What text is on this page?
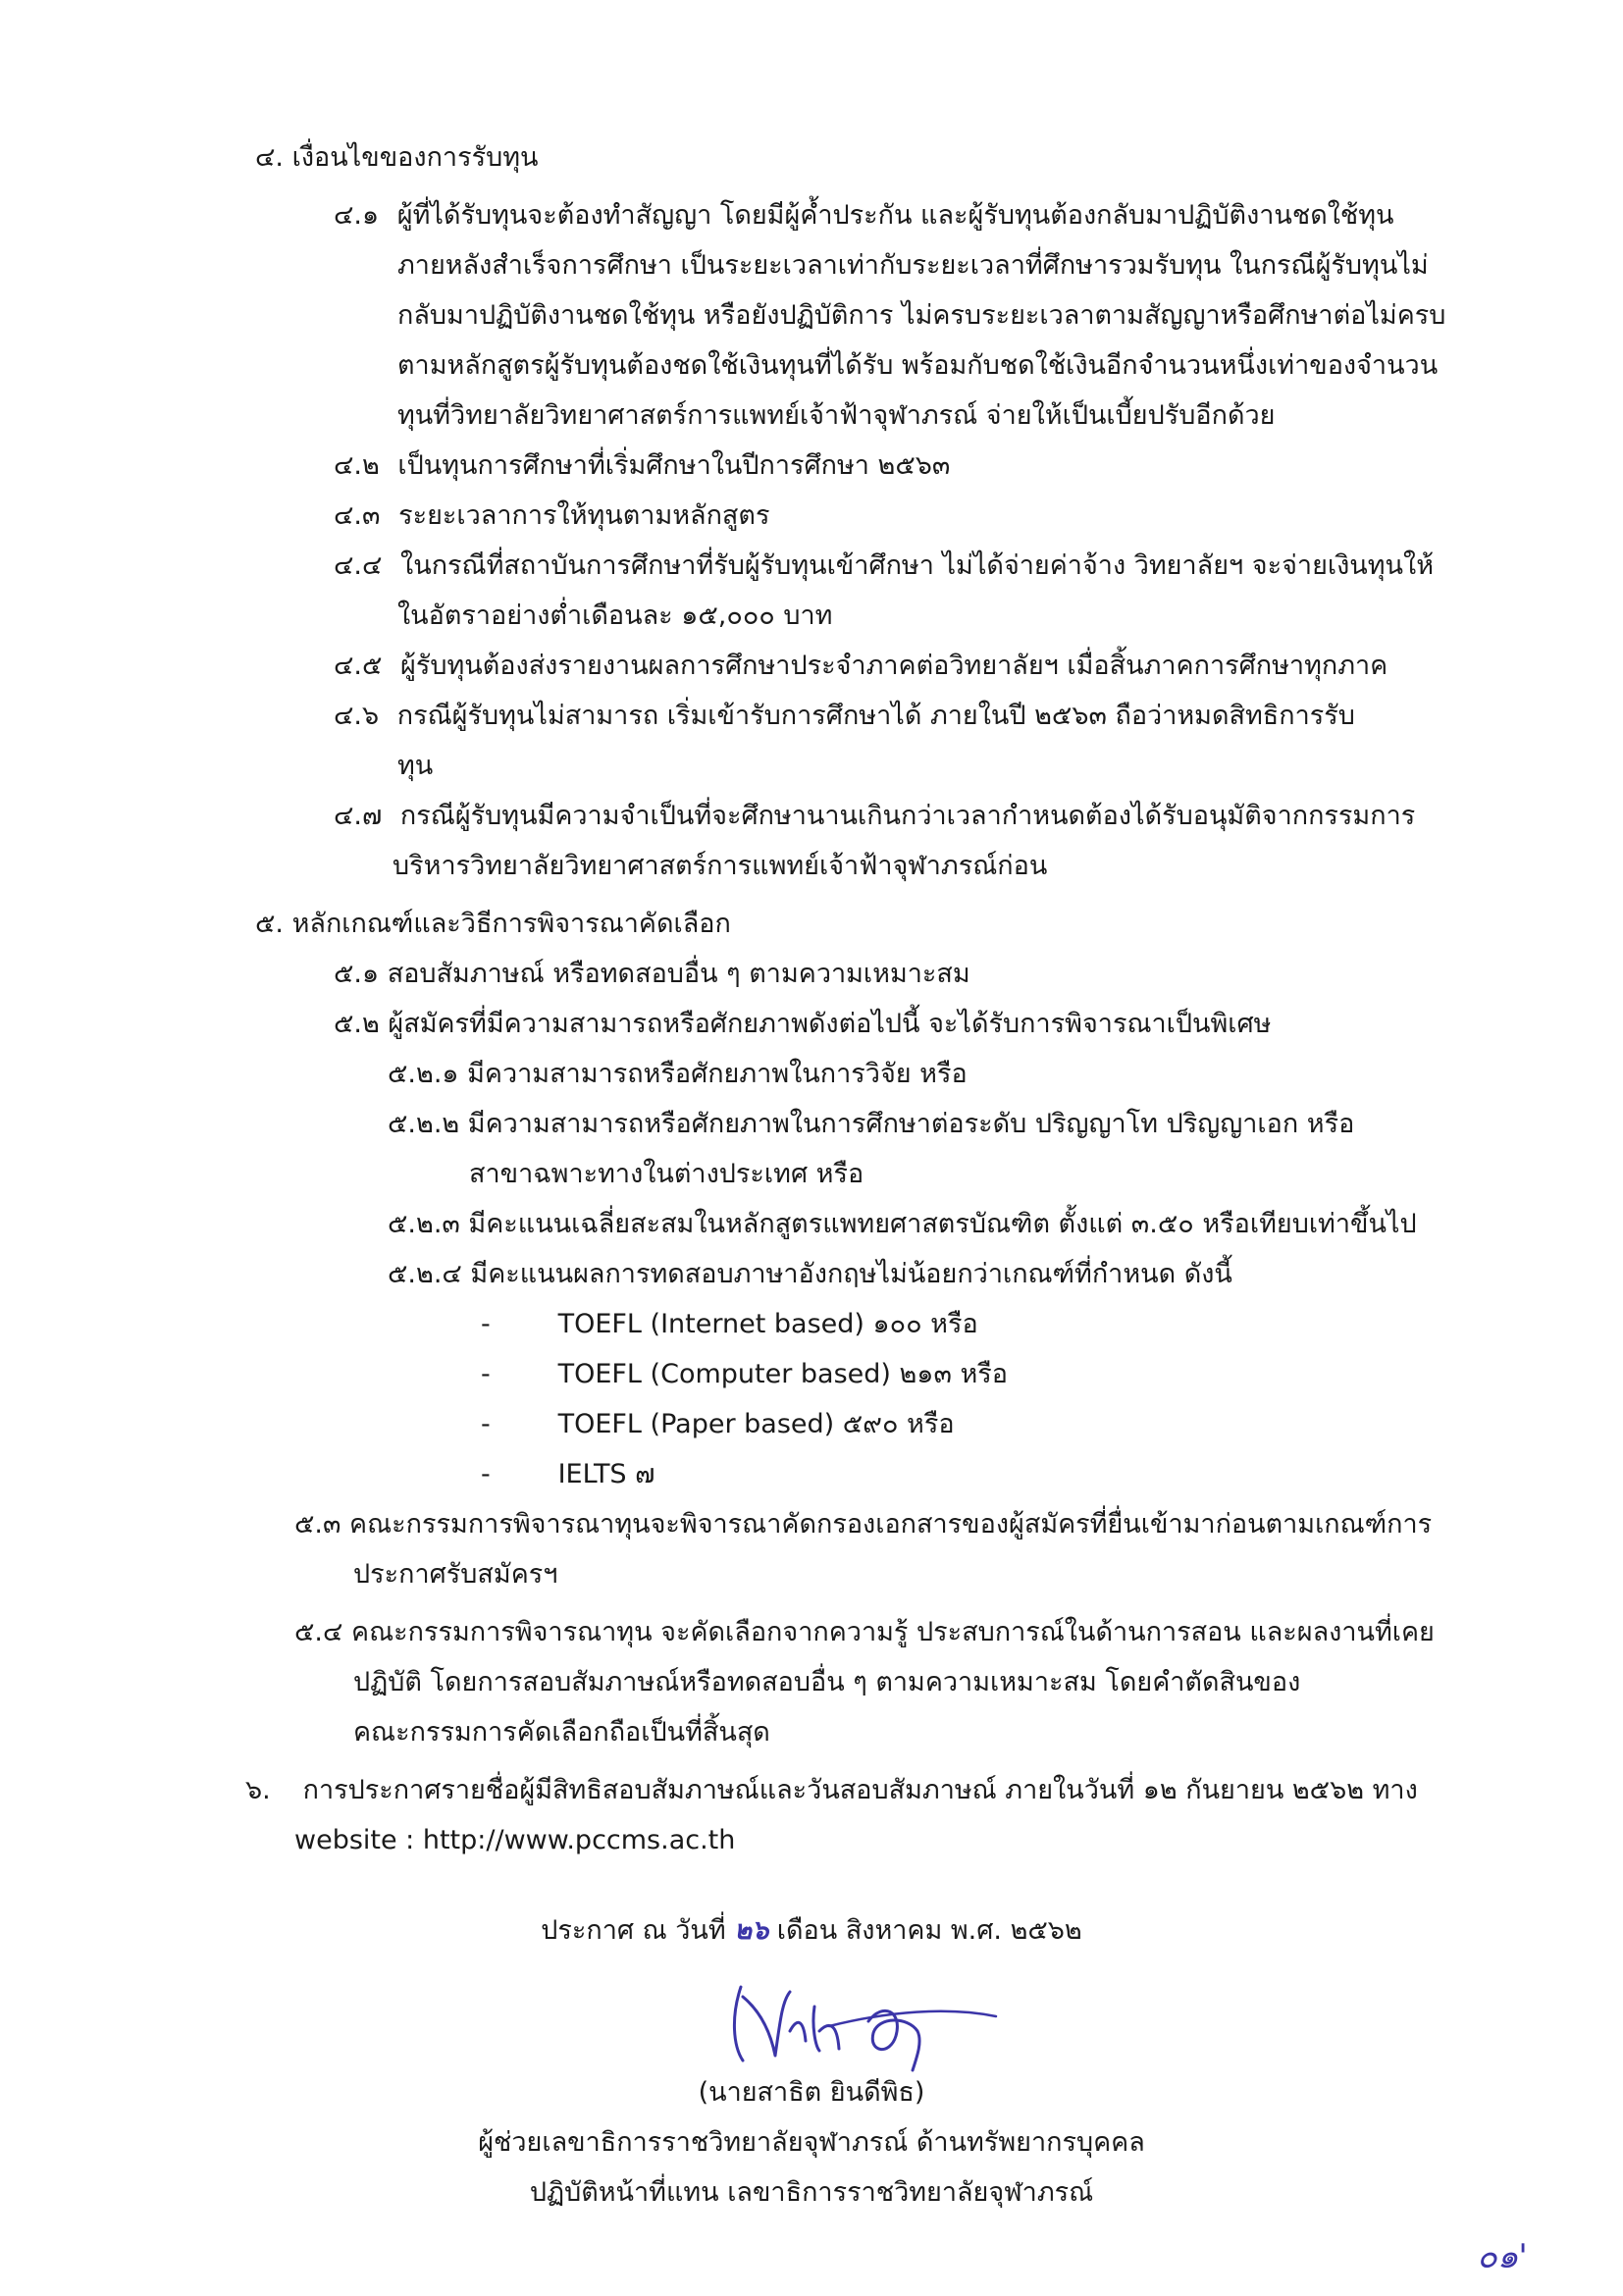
๔. เงื่อนไขของการรับทุน
๔.๑ ผู้ที่ได้รับทุนจะต้องทำสัญญา โดยมีผู้ค้ำประกัน และผู้รับทุนต้องกลับมาปฏิบัติงานชดใช้ทุน
ภายหลังสำเร็จการศึกษา เป็นระยะเวลาเท่ากับระยะเวลาที่ศึกษารวมรับทุน ในกรณีผู้รับทุนไม่
กลับมาปฏิบัติงานชดใช้ทุน หรือยังปฏิบัติการ ไม่ครบระยะเวลาตามสัญญาหรือศึกษาต่อไม่ครบ
ตามหลักสูตรผู้รับทุนต้องชดใช้เงินทุนที่ได้รับ พร้อมกับชดใช้เงินอีกจำนวนหนึ่งเท่าของจำนวน
ทุนที่วิทยาลัยวิทยาศาสตร์การแพทย์เจ้าฟ้าจุฬาภรณ์ จ่ายให้เป็นเบี้ยปรับอีกด้วย
๔.๒ เป็นทุนการศึกษาที่เริ่มศึกษาในปีการศึกษา ๒๕๖๓
๔.๓ ระยะเวลาการให้ทุนตามหลักสูตร
๔.๔ ในกรณีที่สถาบันการศึกษาที่รับผู้รับทุนเข้าศึกษา ไม่ได้จ่ายค่าจ้าง วิทยาลัยฯ จะจ่ายเงินทุนให้
ในอัตราอย่างต่ำเดือนละ ๑๕,๐๐๐ บาท
๔.๕ ผู้รับทุนต้องส่งรายงานผลการศึกษาประจำภาคต่อวิทยาลัยฯ เมื่อสิ้นภาคการศึกษาทุกภาค
๔.๖ กรณีผู้รับทุนไม่สามารถ เริ่มเข้ารับการศึกษาได้ ภายในปี ๒๕๖๓ ถือว่าหมดสิทธิการรับ
ทุน
๔.๗ กรณีผู้รับทุนมีความจำเป็นที่จะศึกษานานเกินกว่าเวลากำหนดต้องได้รับอนุมัติจากกรรมการ
บริหารวิทยาลัยวิทยาศาสตร์การแพทย์เจ้าฟ้าจุฬาภรณ์ก่อน
๕. หลักเกณฑ์และวิธีการพิจารณาคัดเลือก
๕.๑ สอบสัมภาษณ์ หรือทดสอบอื่น ๆ ตามความเหมาะสม
๕.๒ ผู้สมัครที่มีความสามารถหรือศักยภาพดังต่อไปนี้ จะได้รับการพิจารณาเป็นพิเศษ
๕.๒.๑ มีความสามารถหรือศักยภาพในการวิจัย หรือ
๕.๒.๒ มีความสามารถหรือศักยภาพในการศึกษาต่อระดับ ปริญญาโท ปริญญาเอก หรือ
สาขาฉพาะทางในต่างประเทศ หรือ
๕.๒.๓ มีคะแนนเฉลี่ยสะสมในหลักสูตรแพทยศาสตรบัณฑิต ตั้งแต่ ๓.๕๐ หรือเทียบเท่าขึ้นไป
๕.๒.๔ มีคะแนนผลการทดสอบภาษาอังกฤษไม่น้อยกว่าเกณฑ์ที่กำหนด ดังนี้
-	TOEFL (Internet based) ๑๐๐ หรือ
-	TOEFL (Computer based) ๒๑๓ หรือ
-	TOEFL (Paper based) ๕๙๐ หรือ
-	IELTS ๗
๕.๓ คณะกรรมการพิจารณาทุนจะพิจารณาคัดกรองเอกสารของผู้สมัครที่ยื่นเข้ามาก่อนตามเกณฑ์การ
ประกาศรับสมัครฯ
๕.๔ คณะกรรมการพิจารณาทุน จะคัดเลือกจากความรู้ ประสบการณ์ในด้านการสอน และผลงานที่เคย
ปฏิบัติ โดยการสอบสัมภาษณ์หรือทดสอบอื่น ๆ ตามความเหมาะสม โดยคำตัดสินของ
คณะกรรมการคัดเลือกถือเป็นที่สิ้นสุด
๖. การประกาศรายชื่อผู้มีสิทธิสอบสัมภาษณ์และวันสอบสัมภาษณ์ ภายในวันที่ ๑๒ กันยายน ๒๕๖๒ ทาง
website : http://www.pccms.ac.th
ประกาศ ณ วันที่ ๒๖ เดือน สิงหาคม พ.ศ. ๒๕๖๒
(นายสาธิต ยินดีพิธ)
ผู้ช่วยเลขาธิการราชวิทยาลัยจุฬาภรณ์ ด้านทรัพยากรบุคคล
ปฏิบัติหน้าที่แทน เลขาธิการราชวิทยาลัยจุฬาภรณ์
๐๑'
